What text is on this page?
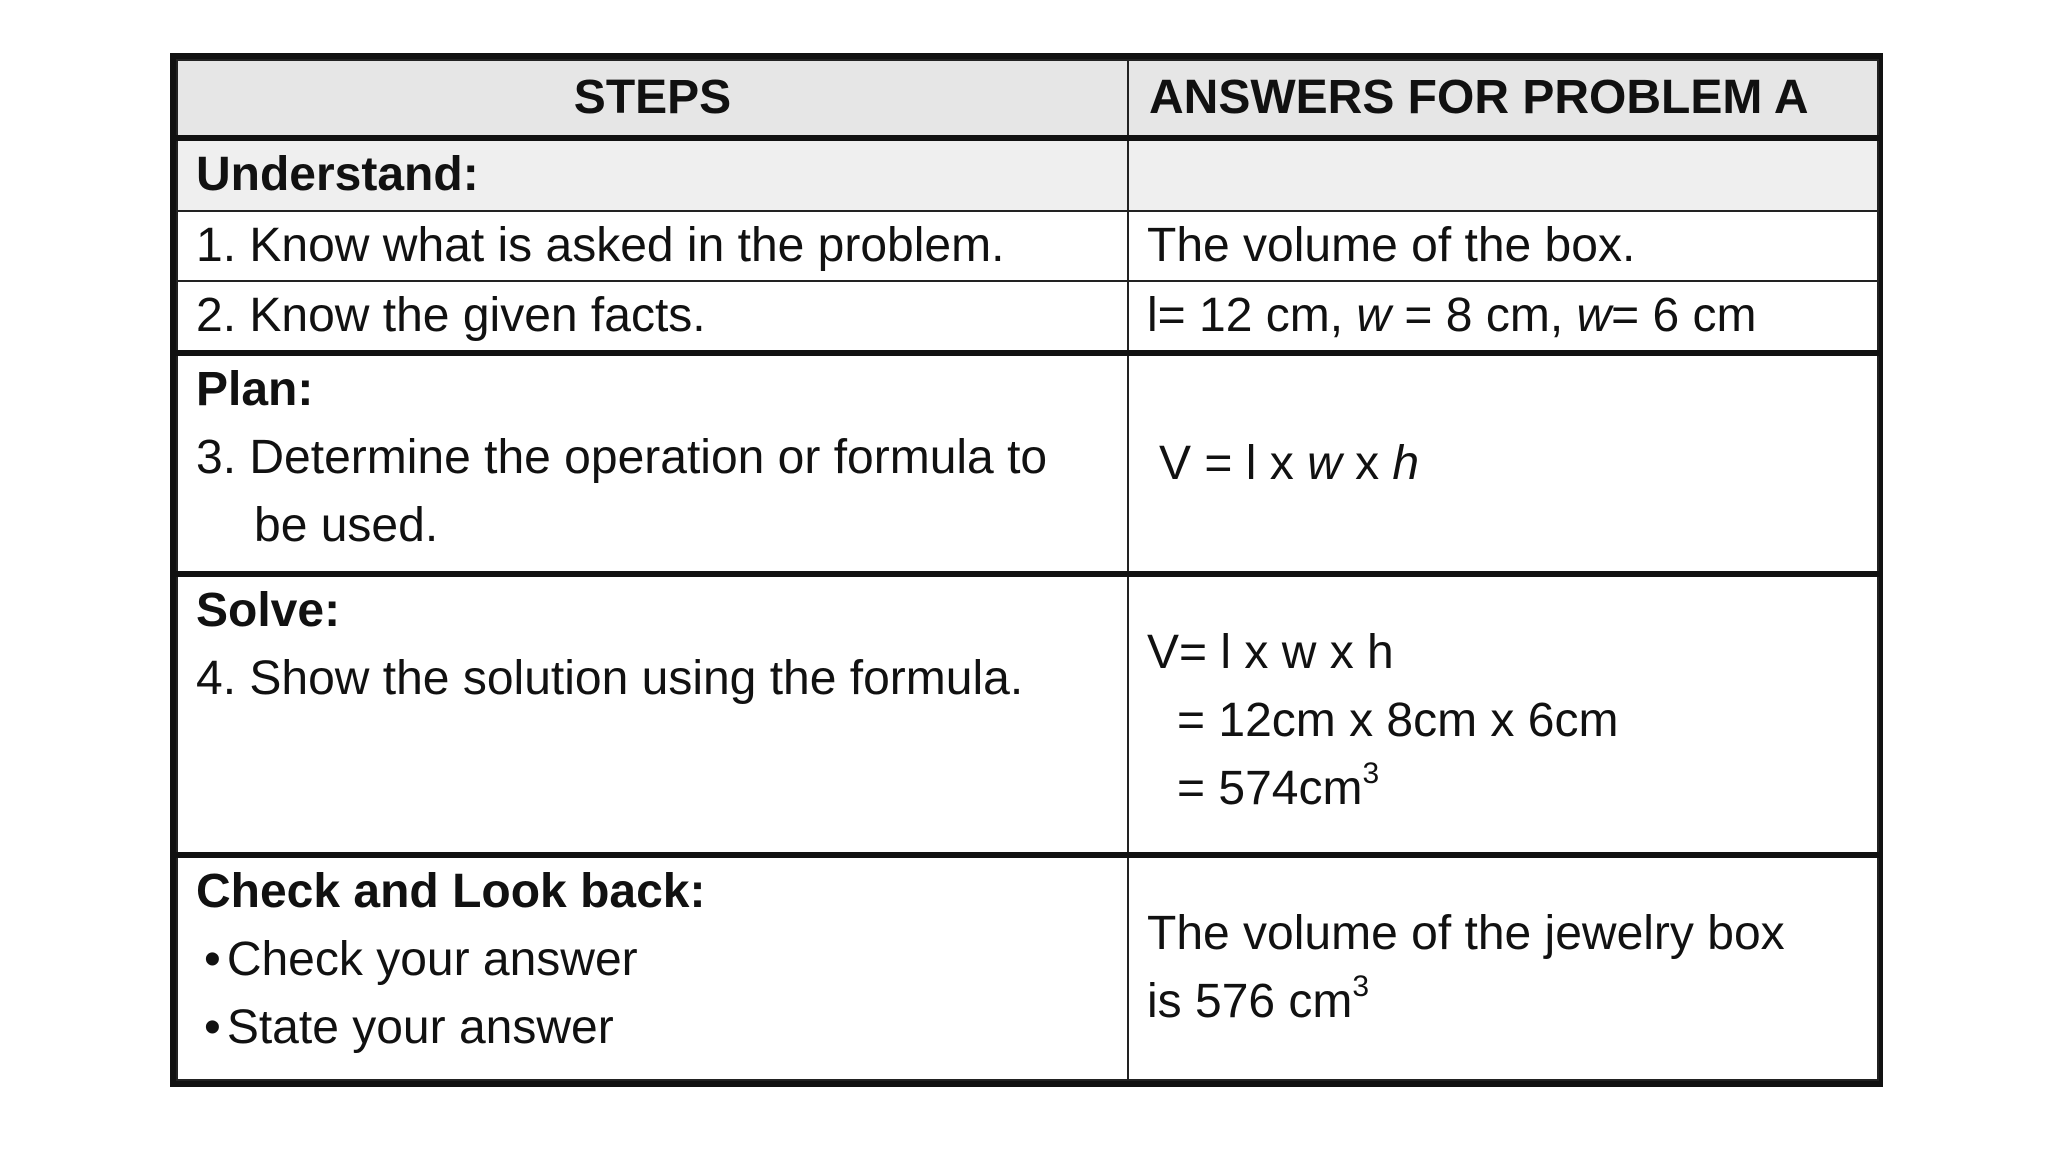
STEPS	ANSWERS FOR PROBLEM A
Understand:	
1. Know what is asked in the problem.	The volume of the box.
2. Know the given facts.	l= 12 cm, w = 8 cm, w= 6 cm

Plan:
3. Determine the operation or formula to
be used.	V = l x w x h

Solve:
4. Show the solution using the formula.	V= l x w x h
= 12cm x 8cm x 6cm
= $574cm^3$

Check and Look back:
• Check your answer
• State your answer	The volume of the jewelry box
is 576 $cm^3$
